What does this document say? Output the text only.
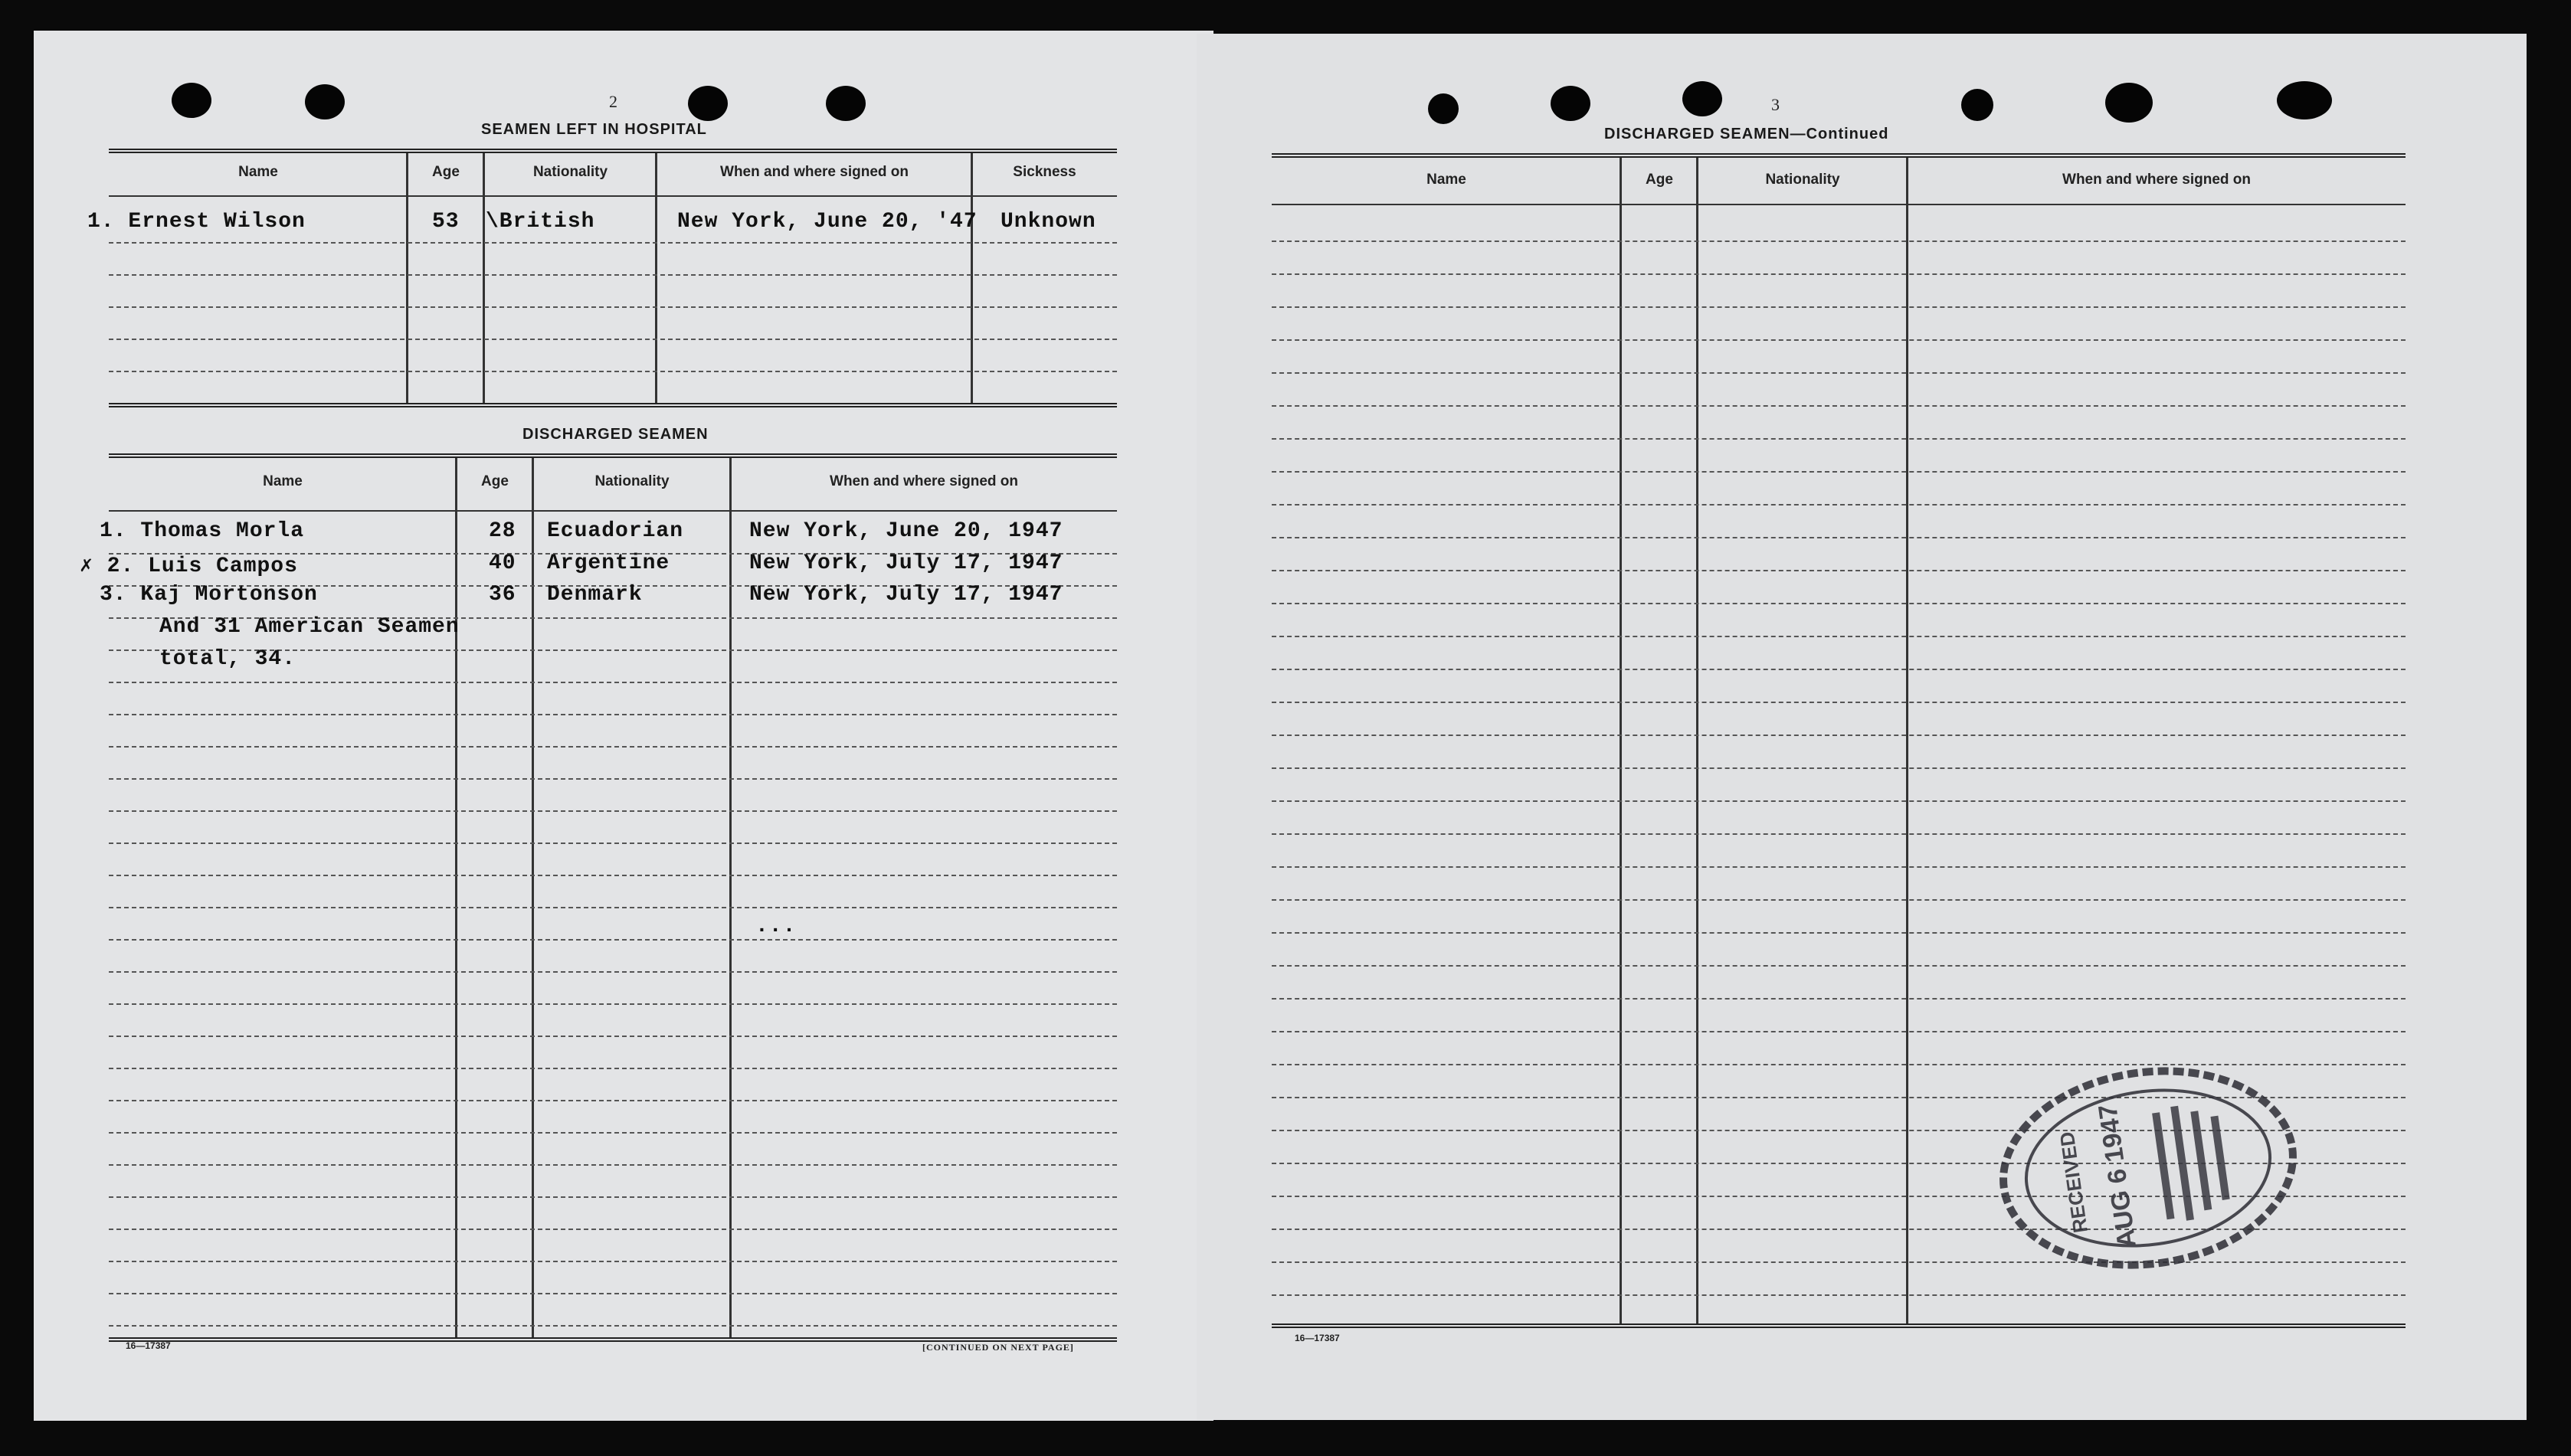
2
SEAMEN LEFT IN HOSPITAL
Name	Age	Nationality	When and where signed on	Sickness
1. Ernest Wilson	53 \British	New York, June 20, '47 Unknown
DISCHARGED SEAMEN
Name	Age	Nationality	When and where signed on
1. Thomas Morla	28 Ecuadorian	New York, June 20, 1947
✗ 2. Luis Campos	40 Argentine	New York, July 17, 1947
3. Kaj Mortonson	36 Denmark	New York, July 17, 1947
And 31 American Seamen
total, 34.
...
16—17387	[CONTINUED ON NEXT PAGE]
3
DISCHARGED SEAMEN—Continued
Name	Age	Nationality	When and where signed on
16—17387
RECEIVED AUG 6 1947
